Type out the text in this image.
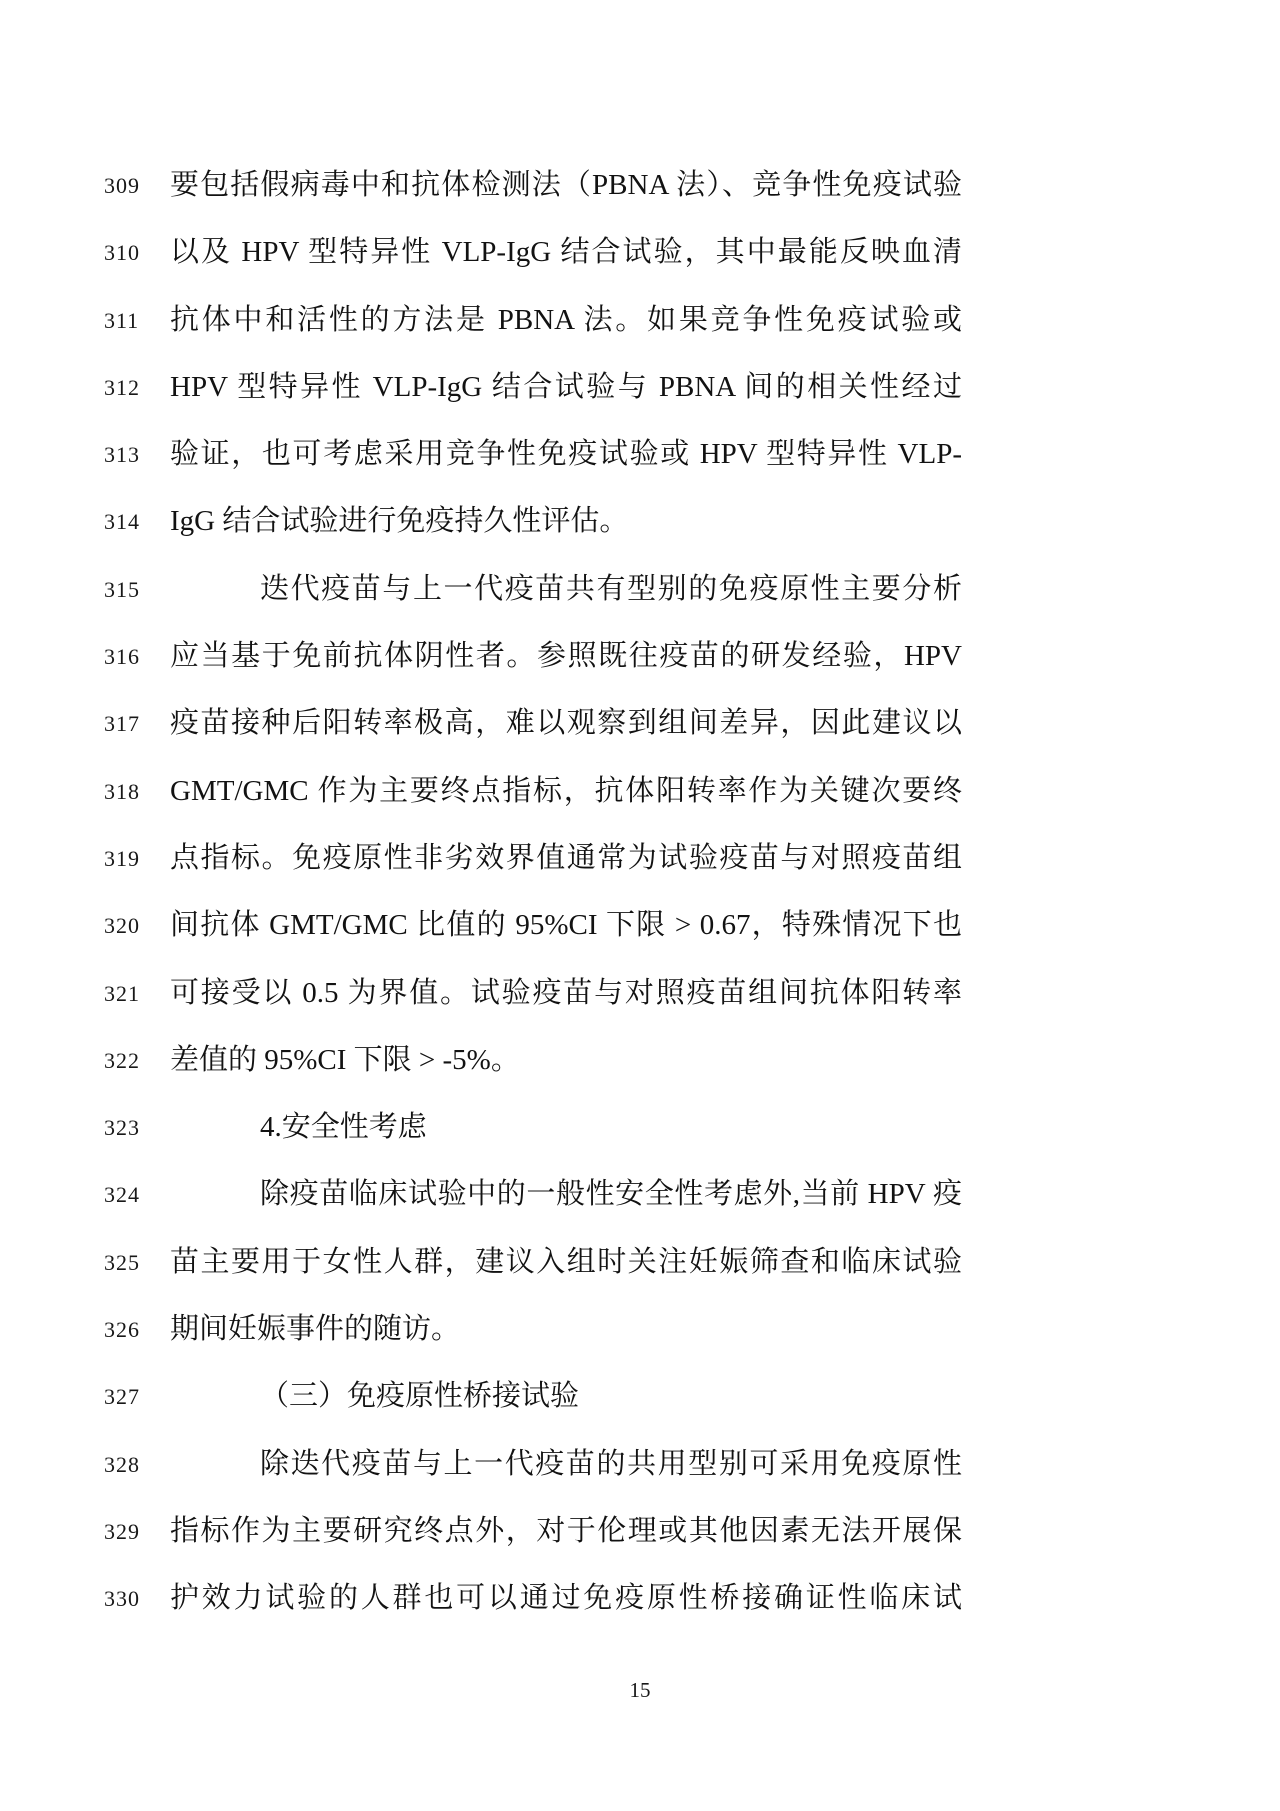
309	要包括假病毒中和抗体检测法（PBNA 法）、竞争性免疫试验
310	以及 HPV 型特异性 VLP-IgG 结合试验，其中最能反映血清
311	抗体中和活性的方法是 PBNA 法。如果竞争性免疫试验或
312	HPV 型特异性 VLP-IgG 结合试验与 PBNA 间的相关性经过
313	验证，也可考虑采用竞争性免疫试验或 HPV 型特异性 VLP-
314	IgG 结合试验进行免疫持久性评估。
315	迭代疫苗与上一代疫苗共有型别的免疫原性主要分析
316	应当基于免前抗体阴性者。参照既往疫苗的研发经验，HPV
317	疫苗接种后阳转率极高，难以观察到组间差异，因此建议以
318	GMT/GMC 作为主要终点指标，抗体阳转率作为关键次要终
319	点指标。免疫原性非劣效界值通常为试验疫苗与对照疫苗组
320	间抗体 GMT/GMC 比值的 95%CI 下限 > 0.67，特殊情况下也
321	可接受以 0.5 为界值。试验疫苗与对照疫苗组间抗体阳转率
322	差值的 95%CI 下限 > -5%。
323	4.安全性考虑
324	除疫苗临床试验中的一般性安全性考虑外,当前 HPV 疫
325	苗主要用于女性人群，建议入组时关注妊娠筛查和临床试验
326	期间妊娠事件的随访。
327	（三）免疫原性桥接试验
328	除迭代疫苗与上一代疫苗的共用型别可采用免疫原性
329	指标作为主要研究终点外，对于伦理或其他因素无法开展保
330	护效力试验的人群也可以通过免疫原性桥接确证性临床试
15
